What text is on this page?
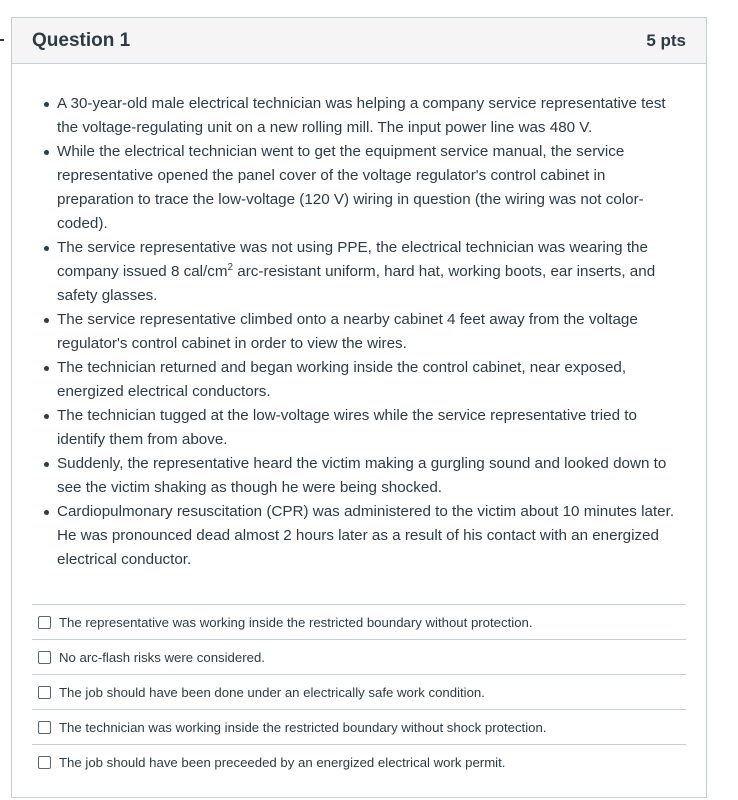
Question 1	5 pts
A 30-year-old male electrical technician was helping a company service representative test the voltage-regulating unit on a new rolling mill. The input power line was 480 V.
While the electrical technician went to get the equipment service manual, the service representative opened the panel cover of the voltage regulator's control cabinet in preparation to trace the low-voltage (120 V) wiring in question (the wiring was not color-coded).
The service representative was not using PPE, the electrical technician was wearing the company issued 8 cal/$cm^2$ arc-resistant uniform, hard hat, working boots, ear inserts, and safety glasses.
The service representative climbed onto a nearby cabinet 4 feet away from the voltage regulator's control cabinet in order to view the wires.
The technician returned and began working inside the control cabinet, near exposed, energized electrical conductors.
The technician tugged at the low-voltage wires while the service representative tried to identify them from above.
Suddenly, the representative heard the victim making a gurgling sound and looked down to see the victim shaking as though he were being shocked.
Cardiopulmonary resuscitation (CPR) was administered to the victim about 10 minutes later. He was pronounced dead almost 2 hours later as a result of his contact with an energized electrical conductor.
The representative was working inside the restricted boundary without protection.
No arc-flash risks were considered.
The job should have been done under an electrically safe work condition.
The technician was working inside the restricted boundary without shock protection.
The job should have been preceeded by an energized electrical work permit.
